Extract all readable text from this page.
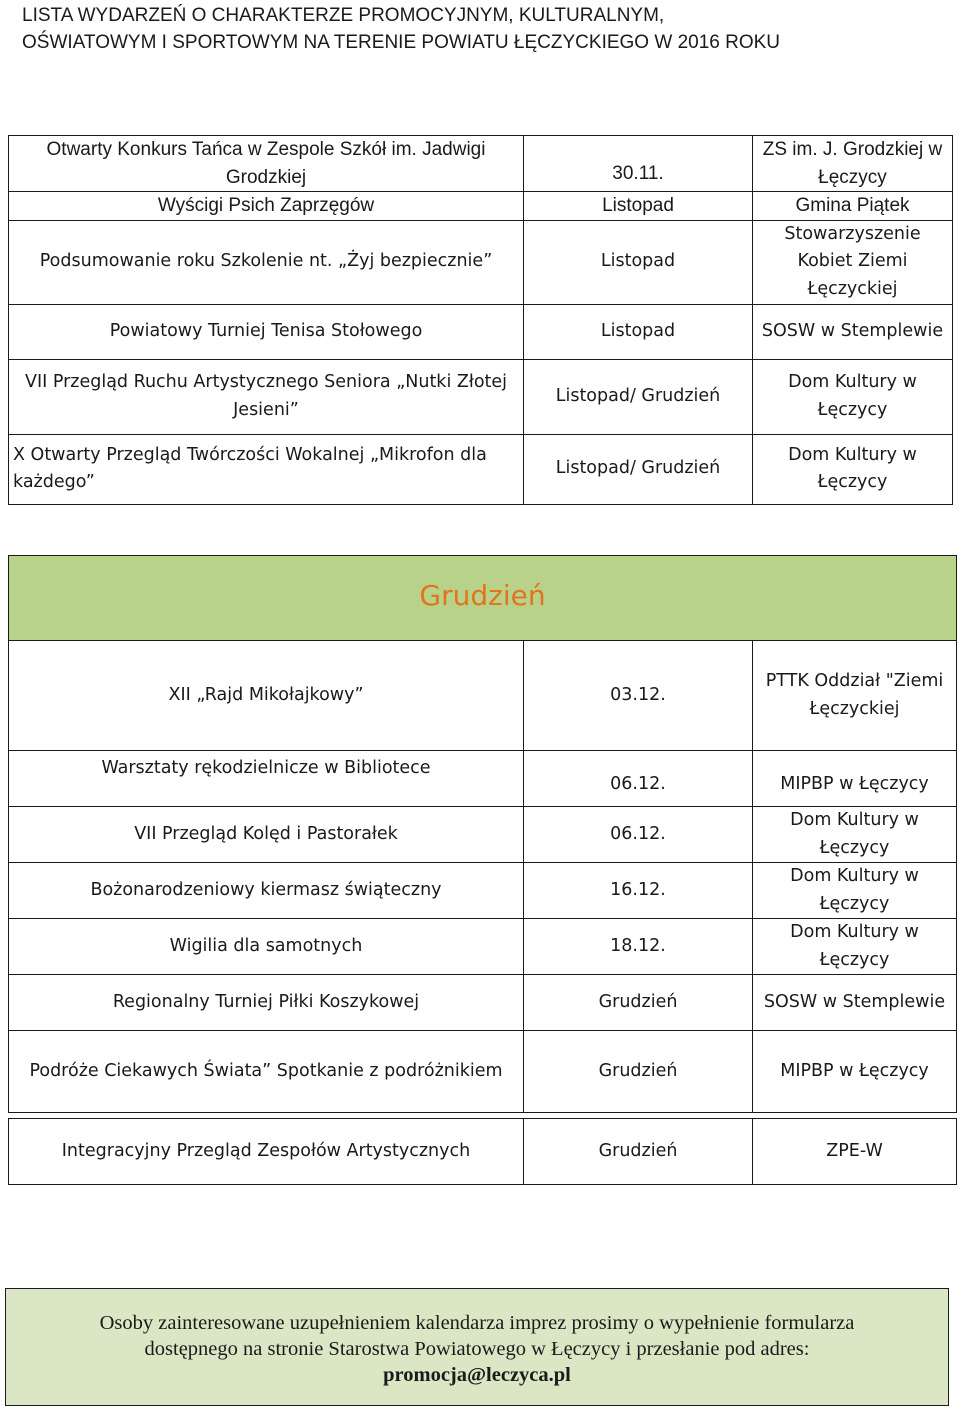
LISTA WYDARZEŃ O CHARAKTERZE PROMOCYJNYM, KULTURALNYM,
OŚWIATOWYM I SPORTOWYM NA TERENIE POWIATU ŁĘCZYCKIEGO W 2016 ROKU
Otwarty Konkurs Tańca w Zespole Szkół im. Jadwigi Grodzkiej	30.11.	ZS im. J. Grodzkiej w Łęczycy
Wyścigi Psich Zaprzęgów	Listopad	Gmina Piątek
Podsumowanie roku Szkolenie nt. „Żyj bezpiecznie”	Listopad	Stowarzyszenie Kobiet Ziemi Łęczyckiej
Powiatowy Turniej Tenisa Stołowego	Listopad	SOSW w Stemplewie
VII Przegląd Ruchu Artystycznego Seniora „Nutki Złotej Jesieni”	Listopad/ Grudzień	Dom Kultury w Łęczycy
X Otwarty Przegląd Twórczości Wokalnej „Mikrofon dla każdego”	Listopad/ Grudzień	Dom Kultury w Łęczycy
Grudzień		
XII „Rajd Mikołajkowy”	03.12.	PTTK Oddział "Ziemi Łęczyckiej
Warsztaty rękodzielnicze w Bibliotece	06.12.	MIPBP w Łęczycy
VII Przegląd Kolęd i Pastorałek	06.12.	Dom Kultury w Łęczycy
Bożonarodzeniowy kiermasz świąteczny	16.12.	Dom Kultury w Łęczycy
Wigilia dla samotnych	18.12.	Dom Kultury w Łęczycy
Regionalny Turniej Piłki Koszykowej	Grudzień	SOSW w Stemplewie
Podróże Ciekawych Świata” Spotkanie z podróżnikiem	Grudzień	MIPBP w Łęczycy
Integracyjny Przegląd Zespołów Artystycznych	Grudzień	ZPE-W
Osoby zainteresowane uzupełnieniem kalendarza imprez prosimy o wypełnienie formularza
dostępnego na stronie Starostwa Powiatowego w Łęczycy i przesłanie pod adres:
promocja@leczyca.pl
